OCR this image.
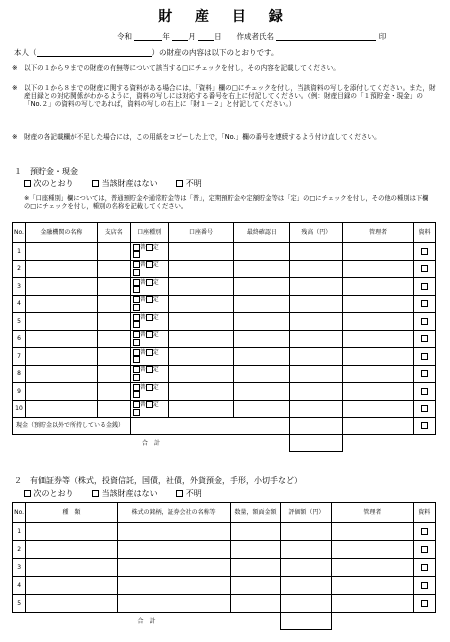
財 産 目 録
令和	年 月 日 作成者氏名	印
本人（	）の財産の内容は以下のとおりです。
※ 以下の１から９までの財産の有無等について該当する□にチェックを付し，その内容を記載してください。
※ 以下の１から８までの財産に関する資料がある場合には，「資料」欄の□にチェックを付し，当該資料の写しを添付してください。また，財産目録との対応関係がわかるように，資料の写しには対応する番号を右上に付記してください。（例：財産目録の「１預貯金・現金」の「No.２」の資料の写しであれば，資料の写しの右上に「財１－２」と付記してください。）
※ 財産の各記載欄が不足した場合には，この用紙をコピーした上で，「No.」欄の番号を連続するよう付け直してください。
１　預貯金・現金
次のとおり	当該財産はない	不明
※「口座種別」欄については，普通預貯金や通常貯金等は「普」，定期預貯金や定額貯金等は「定」の□にチェックを付し，その他の種別は下欄の□にチェックを付し，種別の名称を記載してください。
No.	金融機関の名称	支店名	口座種別	口座番号	最終確認日	残高（円）	管理者	資料
1			普 定					

2			普 定					

3			普 定					

4			普 定					

5			普 定					

6			普 定					

7			普 定					

8			普 定					

9			普 定					

10			普 定					

現金（預貯金以外で所持している金銭）								
合　計								
２　有価証券等（株式，投資信託，国債，社債，外貨預金，手形，小切手など）
次のとおり	当該財産はない	不明
No.	種　類	株式の銘柄，証券会社の名称等	数量，額面金額	評価額（円）	管理者	資料
1						
2						
3						
4						
5						
合　計						
